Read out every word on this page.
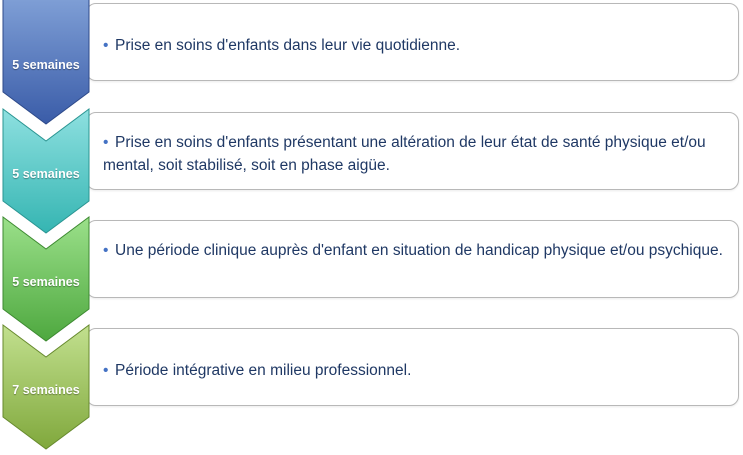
• Prise en soins d'enfants dans leur vie quotidienne.
5 semaines
• Prise en soins d'enfants présentant une altération de leur état de santé physique et/ou mental, soit stabilisé, soit en phase aigüe.
5 semaines
• Une période clinique auprès d'enfant en situation de handicap physique et/ou psychique.
5 semaines
• Période intégrative en milieu professionnel.
7 semaines
